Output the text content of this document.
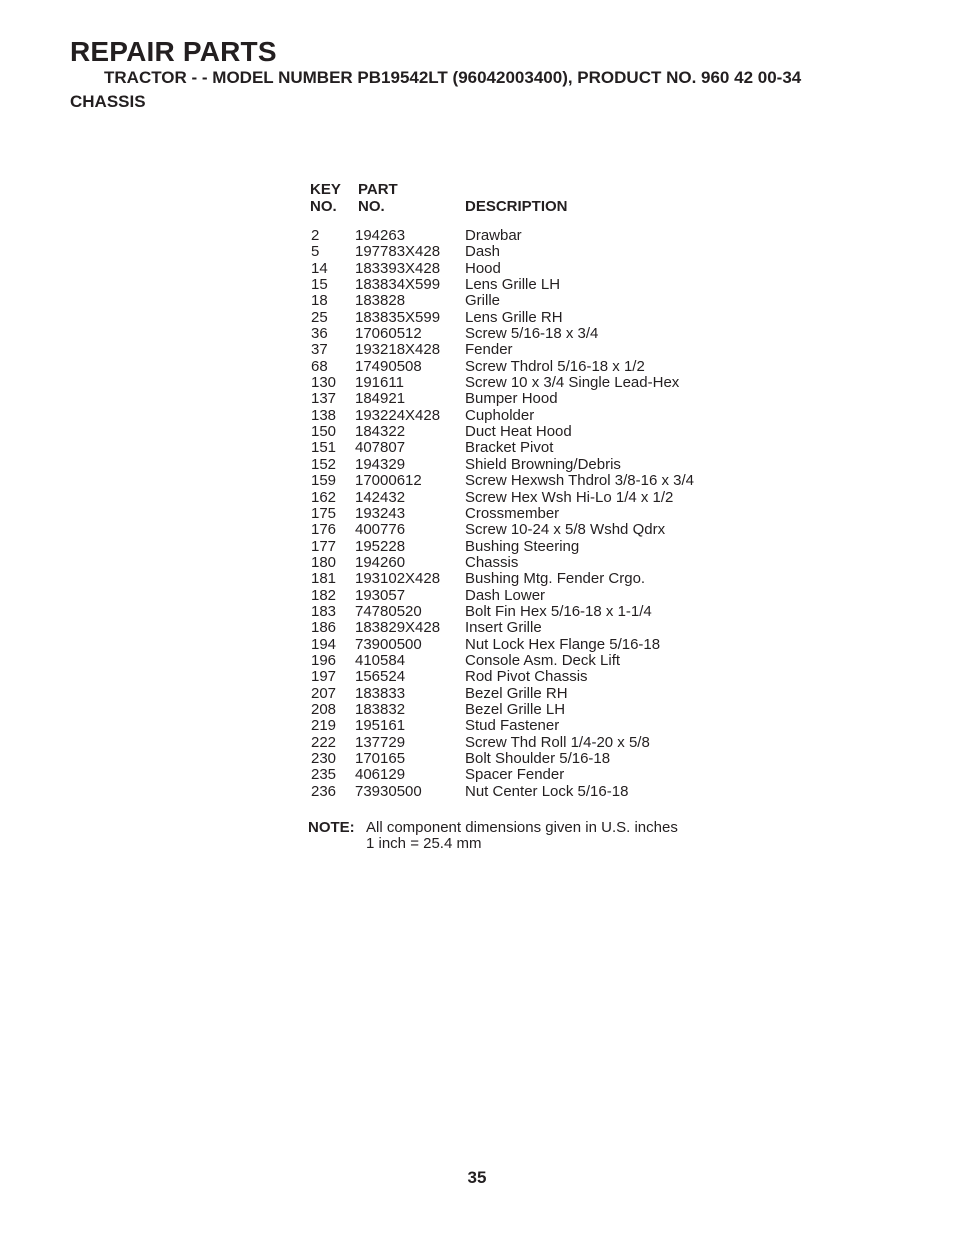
REPAIR PARTS
TRACTOR - - MODEL NUMBER PB19542LT (96042003400), PRODUCT NO. 960 42 00-34
CHASSIS
KEY
NO.
PART
NO.	DESCRIPTION
2 194263	Drawbar
5 197783X428 Dash
14 183393X428 Hood
15 183834X599 Lens Grille LH
18 183828	Grille
25 183835X599 Lens Grille RH
36 17060512	Screw 5/16-18 x 3/4
37 193218X428 Fender
68 17490508	Screw Thdrol 5/16-18 x 1/2
130 191611	Screw 10 x 3/4 Single Lead-Hex
137 184921	Bumper Hood
138 193224X428 Cupholder
150 184322	Duct Heat Hood
151 407807	Bracket Pivot
152 194329	Shield Browning/Debris
159 17000612	Screw Hexwsh Thdrol 3/8-16 x 3/4
162 142432	Screw Hex Wsh Hi-Lo 1/4 x 1/2
175 193243	Crossmember
176 400776	Screw 10-24 x 5/8 Wshd Qdrx
177 195228	Bushing Steering
180 194260	Chassis
181 193102X428 Bushing Mtg. Fender Crgo.
182 193057	Dash Lower
183 74780520	Bolt Fin Hex 5/16-18 x 1-1/4
186 183829X428 Insert Grille
194 73900500	Nut Lock Hex Flange 5/16-18
196 410584	Console Asm. Deck Lift
197 156524	Rod Pivot Chassis
207 183833	Bezel Grille RH
208 183832	Bezel Grille LH
219 195161	Stud Fastener
222 137729	Screw Thd Roll 1/4-20 x 5/8
230 170165	Bolt Shoulder 5/16-18
235 406129	Spacer Fender
236 73930500	Nut Center Lock 5/16-18
NOTE: All component dimensions given in U.S. inches
1 inch = 25.4 mm
35
